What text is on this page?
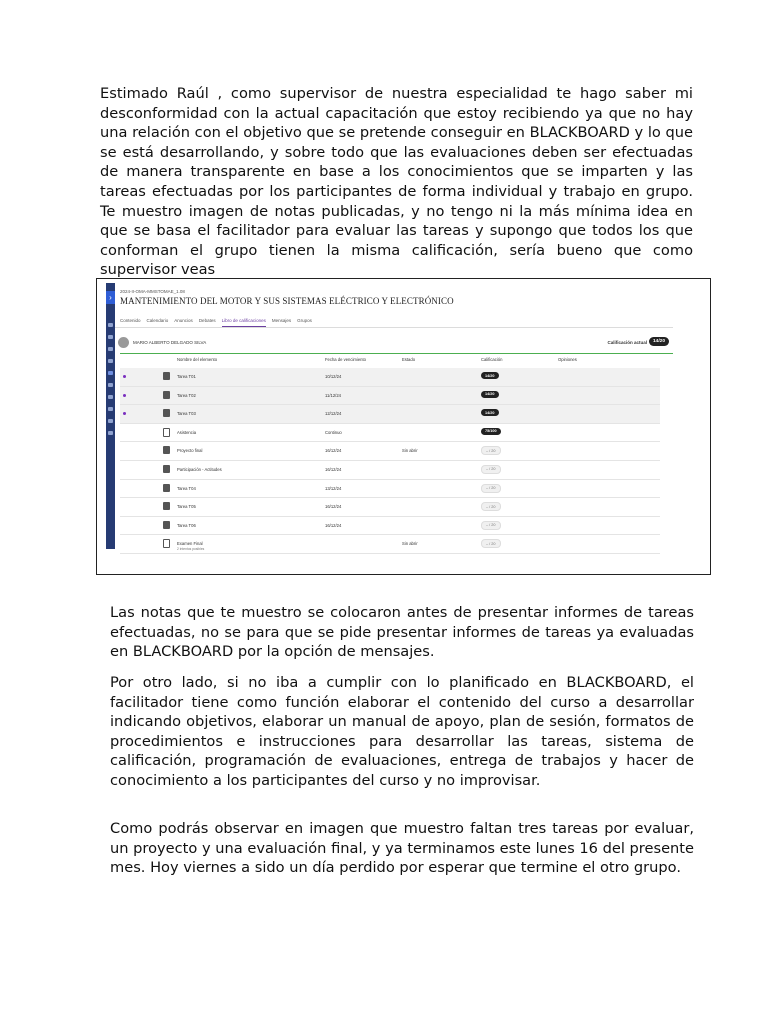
Estimado Raúl , como supervisor de nuestra especialidad te hago saber mi desconformidad con la actual capacitación que estoy recibiendo ya que no hay una relación con el objetivo que se pretende conseguir en BLACKBOARD y lo que se está desarrollando, y sobre todo que las evaluaciones deben ser efectuadas de manera transparente en base a los conocimientos que se imparten y las tareas efectuadas por los participantes de forma individual y trabajo en grupo. Te muestro imagen de notas publicadas, y no tengo ni la más mínima idea en que se basa el facilitador para evaluar las tareas y supongo que todos los que conforman el grupo tienen la misma calificación, sería bueno que como supervisor veas

›
2024-II-OMA-MMSTOMAE_1.08
MANTENIMIENTO DEL MOTOR Y SUS SISTEMAS ELÉCTRICO Y ELECTRÓNICO
Contenido Calendario Anuncios Debates Libro de calificaciones Mensajes Grupos
MARIO ALBERTO DELGADO SILVA	Calificación actual	14/20
Nombre del elemento	Fecha de vencimiento	Estado	Calificación	Opiniones
Tarea T01	10/12/24	14/20
Tarea T02	11/12/24	14/20
Tarea T03	12/12/24	14/20
Asistencia	Continuo	75/100
Proyecto final	16/12/24	Sin abrir	– / 20
Participación - Actitudes	16/12/24	– / 20
Tarea T04	13/12/24	– / 20
Tarea T05	16/12/24	– / 20
Tarea T06	16/12/24	– / 20
Examen Final
2 intentos posibles
Sin abrir	– / 20

Las notas que te muestro se colocaron antes de presentar informes de tareas efectuadas, no se para que se pide presentar informes de tareas ya evaluadas en BLACKBOARD por la opción de mensajes.

Por otro lado, si no iba a cumplir con lo planificado en BLACKBOARD, el facilitador tiene como función elaborar el contenido del curso a desarrollar indicando objetivos, elaborar un manual de apoyo, plan de sesión, formatos de procedimientos e instrucciones para desarrollar las tareas, sistema de calificación, programación de evaluaciones, entrega de trabajos y hacer de conocimiento a los participantes del curso y no improvisar.

Como podrás observar en imagen que muestro faltan tres tareas por evaluar, un proyecto y una evaluación final, y ya terminamos este lunes 16 del presente mes. Hoy viernes a sido un día perdido por esperar que termine el otro grupo.
